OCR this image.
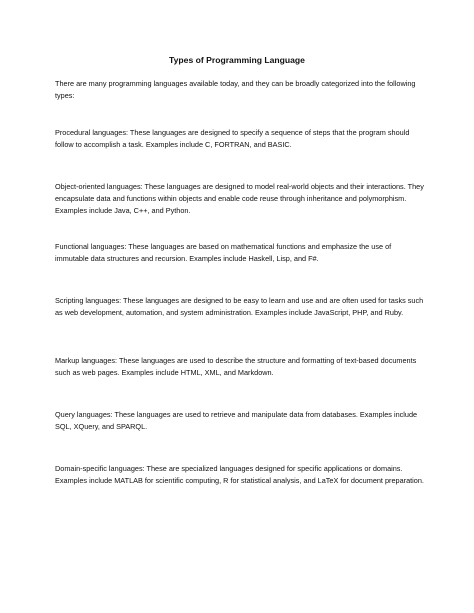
Types of Programming Language

There are many programming languages available today, and they can be broadly categorized into the following types:

Procedural languages: These languages are designed to specify a sequence of steps that the program should follow to accomplish a task. Examples include C, FORTRAN, and BASIC.

Object-oriented languages: These languages are designed to model real-world objects and their interactions. They encapsulate data and functions within objects and enable code reuse through inheritance and polymorphism. Examples include Java, C++, and Python.

Functional languages: These languages are based on mathematical functions and emphasize the use of immutable data structures and recursion. Examples include Haskell, Lisp, and F#.

Scripting languages: These languages are designed to be easy to learn and use and are often used for tasks such as web development, automation, and system administration. Examples include JavaScript, PHP, and Ruby.

Markup languages: These languages are used to describe the structure and formatting of text-based documents such as web pages. Examples include HTML, XML, and Markdown.

Query languages: These languages are used to retrieve and manipulate data from databases. Examples include SQL, XQuery, and SPARQL.

Domain-specific languages: These are specialized languages designed for specific applications or domains. Examples include MATLAB for scientific computing, R for statistical analysis, and LaTeX for document preparation.
